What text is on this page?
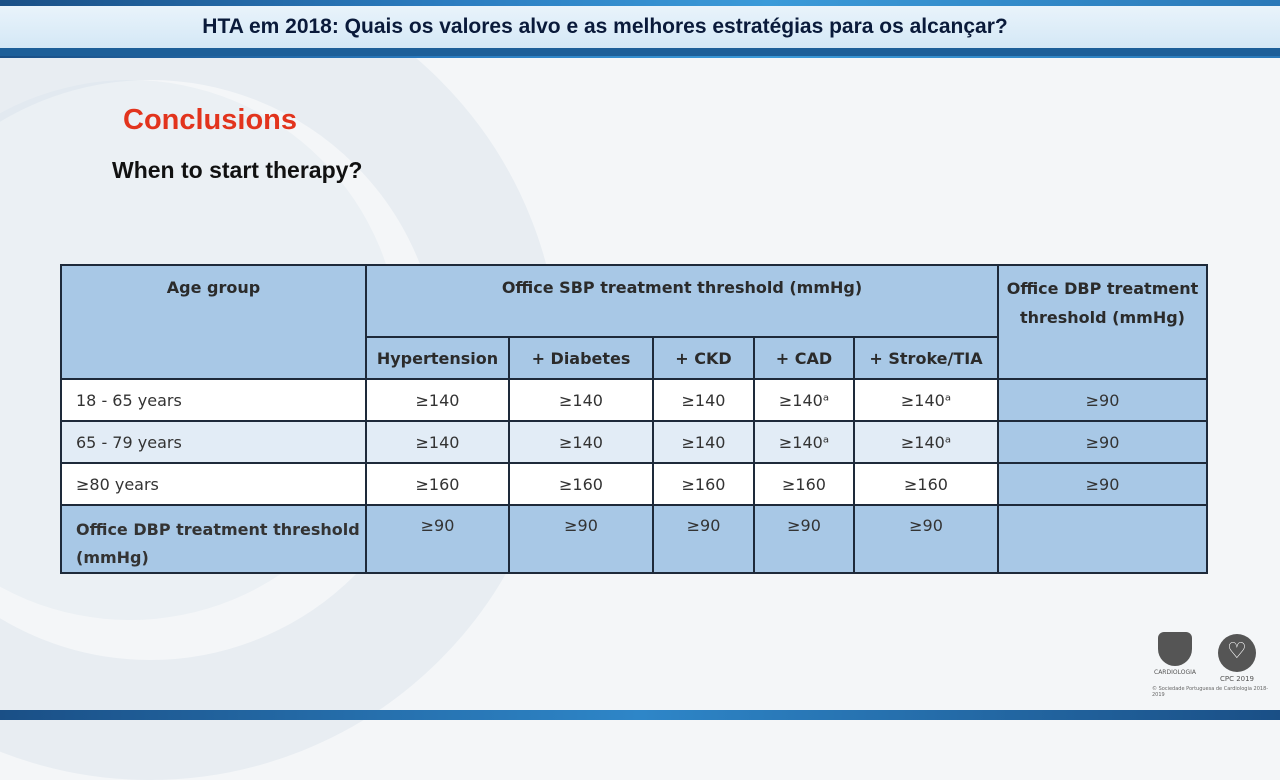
HTA em 2018: Quais os valores alvo e as melhores estratégias para os alcançar?
Conclusions
When to start therapy?
Age group	Office SBP treatment threshold (mmHg)					Office DBP treatment threshold (mmHg)

	Hypertension	+ Diabetes	+ CKD	+ CAD	+ Stroke/TIA	
18 - 65 years	≥140	≥140	≥140	≥140ᵃ	≥140ᵃ	≥90
65 - 79 years	≥140	≥140	≥140	≥140ᵃ	≥140ᵃ	≥90
≥80 years	≥160	≥160	≥160	≥160	≥160	≥90

Office DBP treatment threshold (mmHg)	≥90	≥90	≥90	≥90	≥90	

CARDIOLOGIA
♡
CPC 2019
© Sociedade Portuguesa de Cardiologia 2018-2019
